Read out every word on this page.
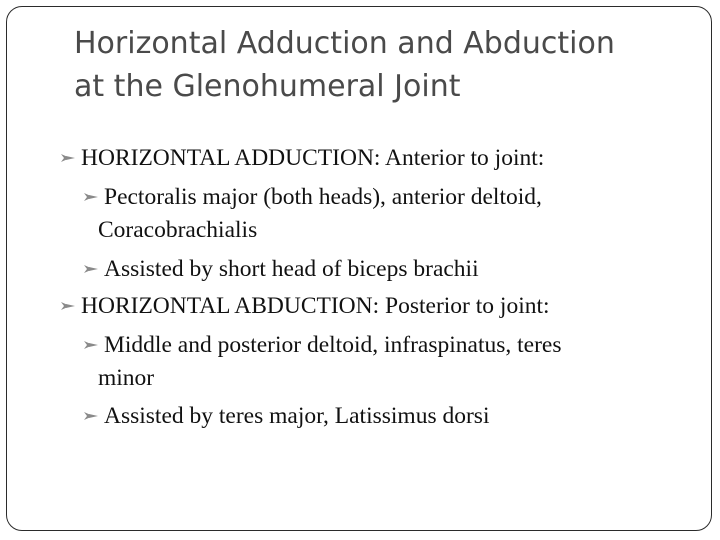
Horizontal Adduction and Abduction
at the Glenohumeral Joint
HORIZONTAL ADDUCTION: Anterior to joint:
Pectoralis major (both heads), anterior deltoid,
Coracobrachialis
Assisted by short head of biceps brachii
HORIZONTAL ABDUCTION: Posterior to joint:
Middle and posterior deltoid, infraspinatus, teres
minor
Assisted by teres major, Latissimus dorsi
